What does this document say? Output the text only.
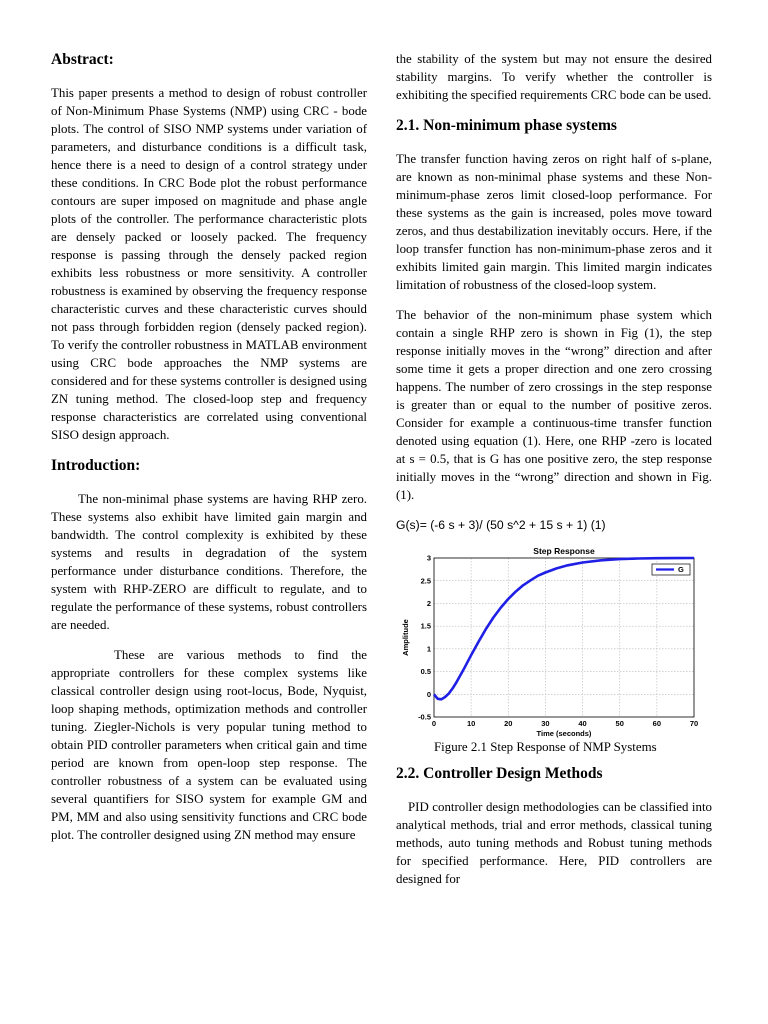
Abstract:

This paper presents a method to design of robust controller of Non-Minimum Phase Systems (NMP) using CRC - bode plots. The control of SISO NMP systems under variation of parameters, and disturbance conditions is a difficult task, hence there is a need to design of a control strategy under these conditions. In CRC Bode plot the robust performance contours are super imposed on magnitude and phase angle plots of the controller. The performance characteristic plots are densely packed or loosely packed. The frequency response is passing through the densely packed region exhibits less robustness or more sensitivity. A controller robustness is examined by observing the frequency response characteristic curves and these characteristic curves should not pass through forbidden region (densely packed region). To verify the controller robustness in MATLAB environment using CRC bode approaches the NMP systems are considered and for these systems controller is designed using ZN tuning method. The closed-loop step and frequency response characteristics are correlated using conventional SISO design approach.

Introduction:

The non-minimal phase systems are having RHP zero. These systems also exhibit have limited gain margin and bandwidth. The control complexity is exhibited by these systems and results in degradation of the system performance under disturbance conditions. Therefore, the system with RHP-ZERO are difficult to regulate, and to regulate the performance of these systems, robust controllers are needed.

These are various methods to find the appropriate controllers for these complex systems like classical controller design using root-locus, Bode, Nyquist, loop shaping methods, optimization methods and controller tuning. Ziegler-Nichols is very popular tuning method to obtain PID controller parameters when critical gain and time period are known from open-loop step response. The controller robustness of a system can be evaluated using several quantifiers for SISO system for example GM and PM, MM and also using sensitivity functions and CRC bode plot. The controller designed using ZN method may ensure

the stability of the system but may not ensure the desired stability margins. To verify whether the controller is exhibiting the specified requirements CRC bode can be used.

2.1. Non-minimum phase systems

The transfer function having zeros on right half of s-plane, are known as non-minimal phase systems and these Non-minimum-phase zeros limit closed-loop performance. For these systems as the gain is increased, poles move toward zeros, and thus destabilization inevitably occurs. Here, if the loop transfer function has non-minimum-phase zeros and it exhibits limited gain margin. This limited margin indicates limitation of robustness of the closed-loop system.

The behavior of the non-minimum phase system which contain a single RHP zero is shown in Fig (1), the step response initially moves in the “wrong” direction and after some time it gets a proper direction and one zero crossing happens. The number of zero crossings in the step response is greater than or equal to the number of positive zeros. Consider for example a continuous-time transfer function denoted using equation (1). Here, one RHP -zero is located at s = 0.5, that is G has one positive zero, the step response initially moves in the “wrong” direction and shown in Fig. (1).

G(s)= (-6 s + 3)/ (50 s^2 + 15 s + 1) (1)
0	10	20	30	40	50	60	70
-0.5
0
0.5
1
1.5
2
2.5
3
Step Response
Time (seconds)
Amplitude
G
Figure 2.1 Step Response of NMP Systems
2.2. Controller Design Methods

PID controller design methodologies can be classified into analytical methods, trial and error methods, classical tuning methods, auto tuning methods and Robust tuning methods for specified performance. Here, PID controllers are designed for
